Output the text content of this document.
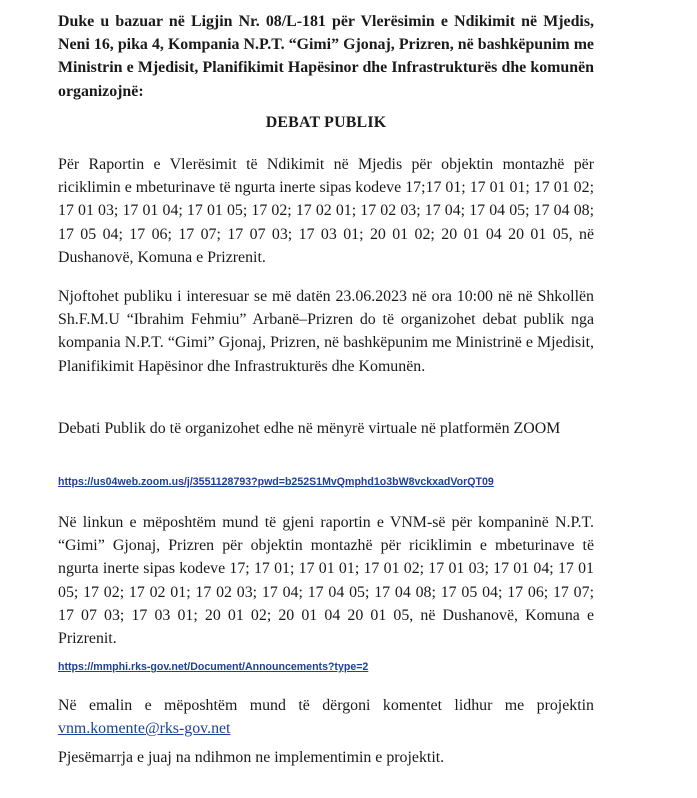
Duke u bazuar në Ligjin Nr. 08/L-181 për Vlerësimin e Ndikimit në Mjedis, Neni 16, pika 4, Kompania N.P.T. “Gimi” Gjonaj, Prizren, në bashkëpunim me Ministrin e Mjedisit, Planifikimit Hapësinor dhe Infrastrukturës dhe komunën organizojnë:

DEBAT PUBLIK

Për Raportin e Vlerësimit të Ndikimit në Mjedis për objektin montazhë për riciklimin e mbeturinave të ngurta inerte sipas kodeve 17;17 01; 17 01 01; 17 01 02; 17 01 03; 17 01 04; 17 01 05; 17 02; 17 02 01; 17 02 03; 17 04; 17 04 05; 17 04 08; 17 05 04; 17 06; 17 07; 17 07 03; 17 03 01; 20 01 02; 20 01 04 20 01 05, në Dushanovë, Komuna e Prizrenit.

Njoftohet publiku i interesuar se më datën 23.06.2023 në ora 10:00 në në Shkollën Sh.F.M.U “Ibrahim Fehmiu” Arbanë–Prizren do të organizohet debat publik nga kompania N.P.T. “Gimi” Gjonaj, Prizren, në bashkëpunim me Ministrinë e Mjedisit, Planifikimit Hapësinor dhe Infrastrukturës dhe Komunën.

Debati Publik do të organizohet edhe në mënyrë virtuale në platformën ZOOM

https://us04web.zoom.us/j/3551128793?pwd=b252S1MvQmphd1o3bW8vckxadVorQT09

Në linkun e mëposhtëm mund të gjeni raportin e VNM-së për kompaninë N.P.T. “Gimi” Gjonaj, Prizren për objektin montazhë për riciklimin e mbeturinave të ngurta inerte sipas kodeve 17; 17 01; 17 01 01; 17 01 02; 17 01 03; 17 01 04; 17 01 05; 17 02; 17 02 01; 17 02 03; 17 04; 17 04 05; 17 04 08; 17 05 04; 17 06; 17 07; 17 07 03; 17 03 01; 20 01 02; 20 01 04 20 01 05, në Dushanovë, Komuna e Prizrenit.

https://mmphi.rks-gov.net/Document/Announcements?type=2

Në emalin e mëposhtëm mund të dërgoni komentet lidhur me projektin vnm.komente@rks-gov.net

Pjesëmarrja e juaj na ndihmon ne implementimin e projektit.
